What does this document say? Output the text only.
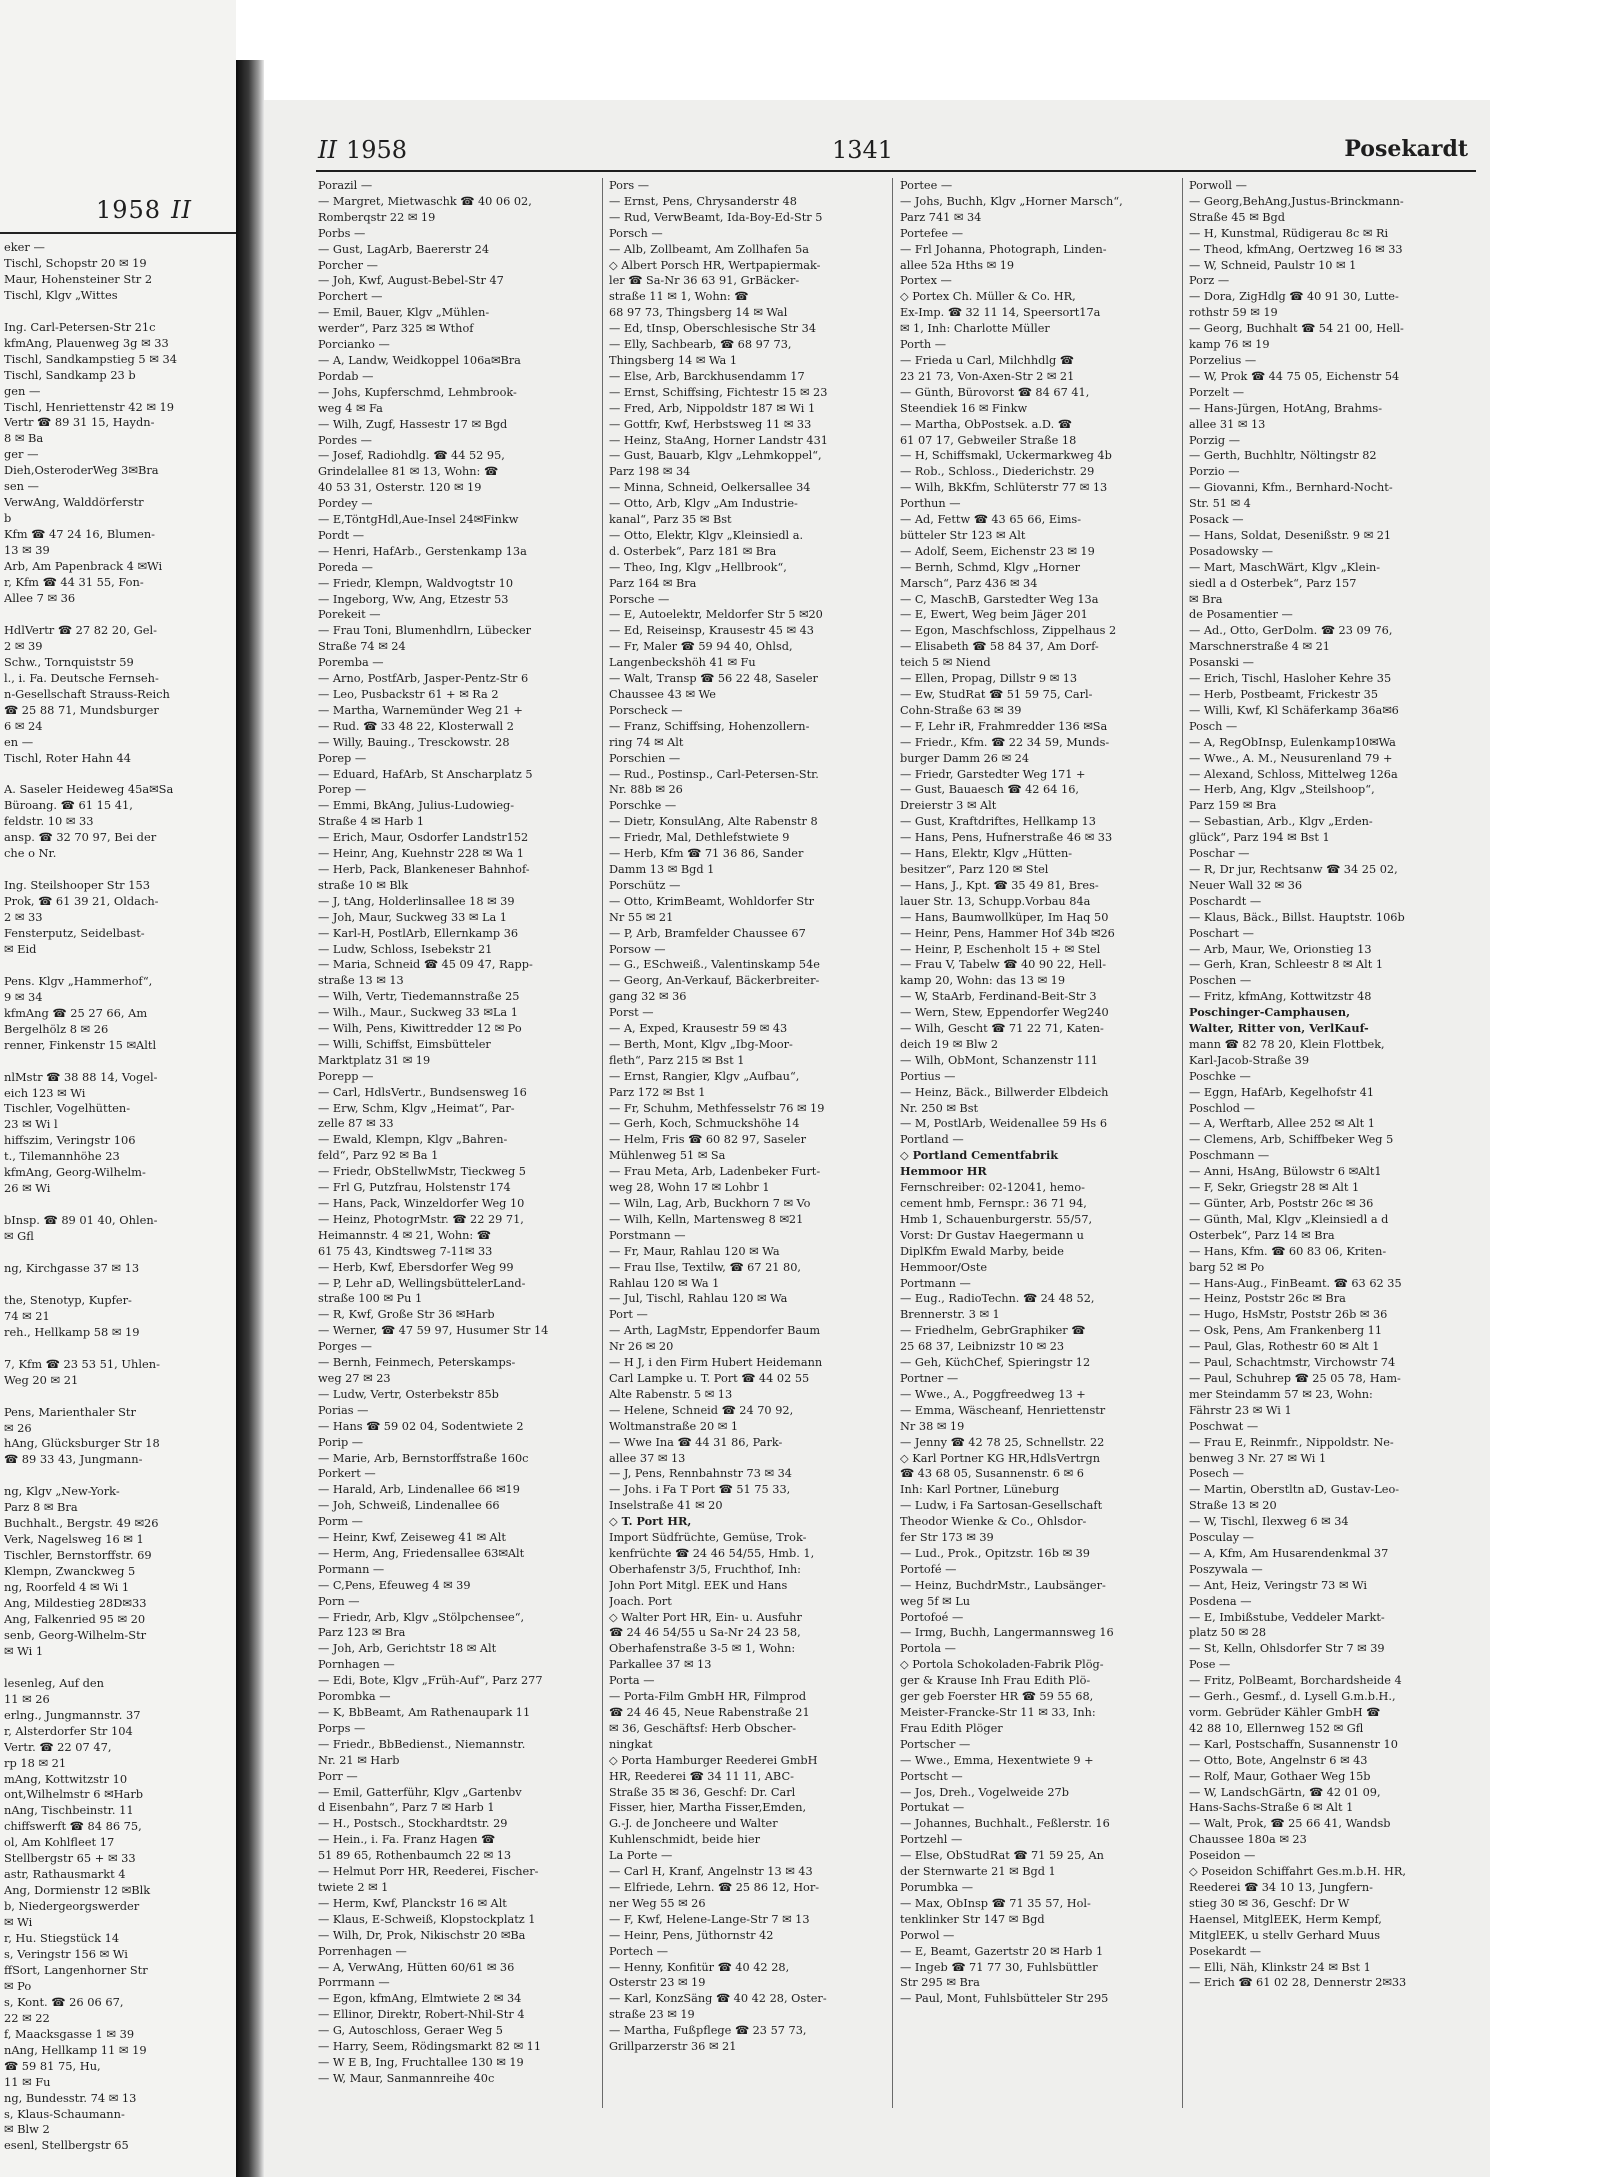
1958 II
eker —
Tischl, Schopstr 20 ✉ 19
Maur, Hohensteiner Str 2
Tischl, Klgv „Wittes

Ing. Carl-Petersen-Str 21c
kfmAng, Plauenweg 3g ✉ 33
Tischl, Sandkampstieg 5 ✉ 34
Tischl, Sandkamp 23 b
gen —
Tischl, Henriettenstr 42 ✉ 19
Vertr ☎ 89 31 15, Haydn-
8 ✉ Ba
ger —
Dieh,OsteroderWeg 3✉Bra
sen —
VerwAng, Walddörferstr
b
Kfm ☎ 47 24 16, Blumen-
13 ✉ 39
Arb, Am Papenbrack 4 ✉Wi
r, Kfm ☎ 44 31 55, Fon-
Allee 7 ✉ 36

HdlVertr ☎ 27 82 20, Gel-
2 ✉ 39
Schw., Tornquiststr 59
l., i. Fa. Deutsche Fernseh-
n-Gesellschaft Strauss-Reich
☎ 25 88 71, Mundsburger
6 ✉ 24
en —
Tischl, Roter Hahn 44

A. Saseler Heideweg 45a✉Sa
Büroang. ☎ 61 15 41,
feldstr. 10 ✉ 33
ansp. ☎ 32 70 97, Bei der
che o Nr.

Ing. Steilshooper Str 153
Prok, ☎ 61 39 21, Oldach-
2 ✉ 33
Fensterputz, Seidelbast-
✉ Eid

Pens. Klgv „Hammerhof“,
9 ✉ 34
kfmAng ☎ 25 27 66, Am
Bergelhölz 8 ✉ 26
renner, Finkenstr 15 ✉Altl

nlMstr ☎ 38 88 14, Vogel-
eich 123 ✉ Wi
Tischler, Vogelhütten-
23 ✉ Wi l
hiffszim, Veringstr 106
t., Tilemannhöhe 23
kfmAng, Georg-Wilhelm-
26 ✉ Wi

bInsp. ☎ 89 01 40, Ohlen-
✉ Gfl

ng, Kirchgasse 37 ✉ 13

the, Stenotyp, Kupfer-
74 ✉ 21
reh., Hellkamp 58 ✉ 19

7, Kfm ☎ 23 53 51, Uhlen-
Weg 20 ✉ 21

Pens, Marienthaler Str
✉ 26
hAng, Glücksburger Str 18
☎ 89 33 43, Jungmann-

ng, Klgv „New-York-
Parz 8 ✉ Bra
Buchhalt., Bergstr. 49 ✉26
Verk, Nagelsweg 16 ✉ 1
Tischler, Bernstorffstr. 69
Klempn, Zwanckweg 5
ng, Roorfeld 4 ✉ Wi 1
Ang, Mildestieg 28D✉33
Ang, Falkenried 95 ✉ 20
senb, Georg-Wilhelm-Str
✉ Wi 1

lesenleg, Auf den
11 ✉ 26
erlng., Jungmannstr. 37
r, Alsterdorfer Str 104
Vertr. ☎ 22 07 47,
rp 18 ✉ 21
mAng, Kottwitzstr 10
ont,Wilhelmstr 6 ✉Harb
nAng, Tischbeinstr. 11
chiffswerft ☎ 84 86 75,
ol, Am Kohlfleet 17
Stellbergstr 65 + ✉ 33
astr, Rathausmarkt 4
Ang, Dormienstr 12 ✉Blk
b, Niedergeorgswerder
✉ Wi
r, Hu. Stiegstück 14
s, Veringstr 156 ✉ Wi
ffSort, Langenhorner Str
✉ Po
s, Kont. ☎ 26 06 67,
22 ✉ 22
f, Maacksgasse 1 ✉ 39
nAng, Hellkamp 11 ✉ 19
☎ 59 81 75, Hu,
11 ✉ Fu
ng, Bundesstr. 74 ✉ 13
s, Klaus-Schaumann-
✉ Blw 2
esenl, Stellbergstr 65
II 1958	1341	Posekardt
Porazil —
— Margret, Mietwaschk ☎ 40 06 02,
Romberqstr 22 ✉ 19
Porbs —
— Gust, LagArb, Baererstr 24
Porcher —
— Joh, Kwf, August-Bebel-Str 47
Porchert —
— Emil, Bauer, Klgv „Mühlen-
werder“, Parz 325 ✉ Wthof
Porcianko —
— A, Landw, Weidkoppel 106a✉Bra
Pordab —
— Johs, Kupferschmd, Lehmbrook-
weg 4 ✉ Fa
— Wilh, Zugf, Hassestr 17 ✉ Bgd
Pordes —
— Josef, Radiohdlg. ☎ 44 52 95,
Grindelallee 81 ✉ 13, Wohn: ☎
40 53 31, Osterstr. 120 ✉ 19
Pordey —
— E,TöntgHdl,Aue-Insel 24✉Finkw
Pordt —
— Henri, HafArb., Gerstenkamp 13a
Poreda —
— Friedr, Klempn, Waldvogtstr 10
— Ingeborg, Ww, Ang, Etzestr 53
Porekeit —
— Frau Toni, Blumenhdlrn, Lübecker
Straße 74 ✉ 24
Poremba —
— Arno, PostfArb, Jasper-Pentz-Str 6
— Leo, Pusbackstr 61 + ✉ Ra 2
— Martha, Warnemünder Weg 21 +
— Rud. ☎ 33 48 22, Klosterwall 2
— Willy, Bauing., Tresckowstr. 28
Porep —
— Eduard, HafArb, St Anscharplatz 5
Porep —
— Emmi, BkAng, Julius-Ludowieg-
Straße 4 ✉ Harb 1
— Erich, Maur, Osdorfer Landstr152
— Heinr, Ang, Kuehnstr 228 ✉ Wa 1
— Herb, Pack, Blankeneser Bahnhof-
straße 10 ✉ Blk
— J, tAng, Holderlinsallee 18 ✉ 39
— Joh, Maur, Suckweg 33 ✉ La 1
— Karl-H, PostlArb, Ellernkamp 36
— Ludw, Schloss, Isebekstr 21
— Maria, Schneid ☎ 45 09 47, Rapp-
straße 13 ✉ 13
— Wilh, Vertr, Tiedemannstraße 25
— Wilh., Maur., Suckweg 33 ✉La 1
— Wilh, Pens, Kiwittredder 12 ✉ Po
— Willi, Schiffst, Eimsbütteler
Marktplatz 31 ✉ 19
Porepp —
— Carl, HdlsVertr., Bundsensweg 16
— Erw, Schm, Klgv „Heimat“, Par-
zelle 87 ✉ 33
— Ewald, Klempn, Klgv „Bahren-
feld“, Parz 92 ✉ Ba 1
— Friedr, ObStellwMstr, Tieckweg 5
— Frl G, Putzfrau, Holstenstr 174
— Hans, Pack, Winzeldorfer Weg 10
— Heinz, PhotogrMstr. ☎ 22 29 71,
Heimannstr. 4 ✉ 21, Wohn: ☎
61 75 43, Kindtsweg 7-11✉ 33
— Herb, Kwf, Ebersdorfer Weg 99
— P, Lehr aD, WellingsbüttelerLand-
straße 100 ✉ Pu 1
— R, Kwf, Große Str 36 ✉Harb
— Werner, ☎ 47 59 97, Husumer Str 14
Porges —
— Bernh, Feinmech, Peterskamps-
weg 27 ✉ 23
— Ludw, Vertr, Osterbekstr 85b
Porias —
— Hans ☎ 59 02 04, Sodentwiete 2
Porip —
— Marie, Arb, Bernstorffstraße 160c
Porkert —
— Harald, Arb, Lindenallee 66 ✉19
— Joh, Schweiß, Lindenallee 66
Porm —
— Heinr, Kwf, Zeiseweg 41 ✉ Alt
— Herm, Ang, Friedensallee 63✉Alt
Pormann —
— C,Pens, Efeuweg 4 ✉ 39
Porn —
— Friedr, Arb, Klgv „Stölpchensee“,
Parz 123 ✉ Bra
— Joh, Arb, Gerichtstr 18 ✉ Alt
Pornhagen —
— Edi, Bote, Klgv „Früh-Auf“, Parz 277
Porombka —
— K, BbBeamt, Am Rathenaupark 11
Porps —
— Friedr., BbBedienst., Niemannstr.
Nr. 21 ✉ Harb
Porr —
— Emil, Gatterführ, Klgv „Gartenbv
d Eisenbahn“, Parz 7 ✉ Harb 1
— H., Postsch., Stockhardtstr. 29
— Hein., i. Fa. Franz Hagen ☎
51 89 65, Rothenbaumch 22 ✉ 13
— Helmut Porr HR, Reederei, Fischer-
twiete 2 ✉ 1
— Herm, Kwf, Planckstr 16 ✉ Alt
— Klaus, E-Schweiß, Klopstockplatz 1
— Wilh, Dr, Prok, Nikischstr 20 ✉Ba
Porrenhagen —
— A, VerwAng, Hütten 60/61 ✉ 36
Porrmann —
— Egon, kfmAng, Elmtwiete 2 ✉ 34
— Ellinor, Direktr, Robert-Nhil-Str 4
— G, Autoschloss, Geraer Weg 5
— Harry, Seem, Rödingsmarkt 82 ✉ 11
— W E B, Ing, Fruchtallee 130 ✉ 19
— W, Maur, Sanmannreihe 40c
Pors —
— Ernst, Pens, Chrysanderstr 48
— Rud, VerwBeamt, Ida-Boy-Ed-Str 5
Porsch —
— Alb, Zollbeamt, Am Zollhafen 5a
◇ Albert Porsch HR, Wertpapiermak-
ler ☎ Sa-Nr 36 63 91, GrBäcker-
straße 11 ✉ 1, Wohn: ☎
68 97 73, Thingsberg 14 ✉ Wal
— Ed, tInsp, Oberschlesische Str 34
— Elly, Sachbearb, ☎ 68 97 73,
Thingsberg 14 ✉ Wa 1
— Else, Arb, Barckhusendamm 17
— Ernst, Schiffsing, Fichtestr 15 ✉ 23
— Fred, Arb, Nippoldstr 187 ✉ Wi 1
— Gottfr, Kwf, Herbstsweg 11 ✉ 33
— Heinz, StaAng, Horner Landstr 431
— Gust, Bauarb, Klgv „Lehmkoppel“,
Parz 198 ✉ 34
— Minna, Schneid, Oelkersallee 34
— Otto, Arb, Klgv „Am Industrie-
kanal“, Parz 35 ✉ Bst
— Otto, Elektr, Klgv „Kleinsiedl a.
d. Osterbek“, Parz 181 ✉ Bra
— Theo, Ing, Klgv „Hellbrook“,
Parz 164 ✉ Bra
Porsche —
— E, Autoelektr, Meldorfer Str 5 ✉20
— Ed, Reiseinsp, Krausestr 45 ✉ 43
— Fr, Maler ☎ 59 94 40, Ohlsd,
Langenbeckshöh 41 ✉ Fu
— Walt, Transp ☎ 56 22 48, Saseler
Chaussee 43 ✉ We
Porscheck —
— Franz, Schiffsing, Hohenzollern-
ring 74 ✉ Alt
Porschien —
— Rud., Postinsp., Carl-Petersen-Str.
Nr. 88b ✉ 26
Porschke —
— Dietr, KonsulAng, Alte Rabenstr 8
— Friedr, Mal, Dethlefstwiete 9
— Herb, Kfm ☎ 71 36 86, Sander
Damm 13 ✉ Bgd 1
Porschütz —
— Otto, KrimBeamt, Wohldorfer Str
Nr 55 ✉ 21
— P, Arb, Bramfelder Chaussee 67
Porsow —
— G., ESchweiß., Valentinskamp 54e
— Georg, An-Verkauf, Bäckerbreiter-
gang 32 ✉ 36
Porst —
— A, Exped, Krausestr 59 ✉ 43
— Berth, Mont, Klgv „Ibg-Moor-
fleth“, Parz 215 ✉ Bst 1
— Ernst, Rangier, Klgv „Aufbau“,
Parz 172 ✉ Bst 1
— Fr, Schuhm, Methfesselstr 76 ✉ 19
— Gerh, Koch, Schmuckshöhe 14
— Helm, Fris ☎ 60 82 97, Saseler
Mühlenweg 51 ✉ Sa
— Frau Meta, Arb, Ladenbeker Furt-
weg 28, Wohn 17 ✉ Lohbr 1
— Wiln, Lag, Arb, Buckhorn 7 ✉ Vo
— Wilh, Kelln, Martensweg 8 ✉21
Porstmann —
— Fr, Maur, Rahlau 120 ✉ Wa
— Frau Ilse, Textilw, ☎ 67 21 80,
Rahlau 120 ✉ Wa 1
— Jul, Tischl, Rahlau 120 ✉ Wa
Port —
— Arth, LagMstr, Eppendorfer Baum
Nr 26 ✉ 20
— H J, i den Firm Hubert Heidemann
Carl Lampke u. T. Port ☎ 44 02 55
Alte Rabenstr. 5 ✉ 13
— Helene, Schneid ☎ 24 70 92,
Woltmanstraße 20 ✉ 1
— Wwe Ina ☎ 44 31 86, Park-
allee 37 ✉ 13
— J, Pens, Rennbahnstr 73 ✉ 34
— Johs. i Fa T Port ☎ 51 75 33,
Inselstraße 41 ✉ 20
◇ T. Port HR,
Import Südfrüchte, Gemüse, Trok-
kenfrüchte ☎ 24 46 54/55, Hmb. 1,
Oberhafenstr 3/5, Fruchthof, Inh:
John Port Mitgl. EEK und Hans
Joach. Port
◇ Walter Port HR, Ein- u. Ausfuhr
☎ 24 46 54/55 u Sa-Nr 24 23 58,
Oberhafenstraße 3-5 ✉ 1, Wohn:
Parkallee 37 ✉ 13
Porta —
— Porta-Film GmbH HR, Filmprod
☎ 24 46 45, Neue Rabenstraße 21
✉ 36, Geschäftsf: Herb Obscher-
ningkat
◇ Porta Hamburger Reederei GmbH
HR, Reederei ☎ 34 11 11, ABC-
Straße 35 ✉ 36, Geschf: Dr. Carl
Fisser, hier, Martha Fisser,Emden,
G.-J. de Joncheere und Walter
Kuhlenschmidt, beide hier
La Porte —
— Carl H, Kranf, Angelnstr 13 ✉ 43
— Elfriede, Lehrn. ☎ 25 86 12, Hor-
ner Weg 55 ✉ 26
— F, Kwf, Helene-Lange-Str 7 ✉ 13
— Heinr, Pens, Jüthornstr 42
Portech —
— Henny, Konfitür ☎ 40 42 28,
Osterstr 23 ✉ 19
— Karl, KonzSäng ☎ 40 42 28, Oster-
straße 23 ✉ 19
— Martha, Fußpflege ☎ 23 57 73,
Grillparzerstr 36 ✉ 21
Portee —
— Johs, Buchh, Klgv „Horner Marsch“,
Parz 741 ✉ 34
Portefee —
— Frl Johanna, Photograph, Linden-
allee 52a Hths ✉ 19
Portex —
◇ Portex Ch. Müller & Co. HR,
Ex-Imp. ☎ 32 11 14, Speersort17a
✉ 1, Inh: Charlotte Müller
Porth —
— Frieda u Carl, Milchhdlg ☎
23 21 73, Von-Axen-Str 2 ✉ 21
— Günth, Bürovorst ☎ 84 67 41,
Steendiek 16 ✉ Finkw
— Martha, ObPostsek. a.D. ☎
61 07 17, Gebweiler Straße 18
— H, Schiffsmakl, Uckermarkweg 4b
— Rob., Schloss., Diederichstr. 29
— Wilh, BkKfm, Schlüterstr 77 ✉ 13
Porthun —
— Ad, Fettw ☎ 43 65 66, Eims-
bütteler Str 123 ✉ Alt
— Adolf, Seem, Eichenstr 23 ✉ 19
— Bernh, Schmd, Klgv „Horner
Marsch“, Parz 436 ✉ 34
— C, MaschB, Garstedter Weg 13a
— E, Ewert, Weg beim Jäger 201
— Egon, Maschfschloss, Zippelhaus 2
— Elisabeth ☎ 58 84 37, Am Dorf-
teich 5 ✉ Niend
— Ellen, Propag, Dillstr 9 ✉ 13
— Ew, StudRat ☎ 51 59 75, Carl-
Cohn-Straße 63 ✉ 39
— F, Lehr iR, Frahmredder 136 ✉Sa
— Friedr., Kfm. ☎ 22 34 59, Munds-
burger Damm 26 ✉ 24
— Friedr, Garstedter Weg 171 +
— Gust, Bauaesch ☎ 42 64 16,
Dreierstr 3 ✉ Alt
— Gust, Kraftdriftes, Hellkamp 13
— Hans, Pens, Hufnerstraße 46 ✉ 33
— Hans, Elektr, Klgv „Hütten-
besitzer“, Parz 120 ✉ Stel
— Hans, J., Kpt. ☎ 35 49 81, Bres-
lauer Str. 13, Schupp.Vorbau 84a
— Hans, Baumwollküper, Im Haq 50
— Heinr, Pens, Hammer Hof 34b ✉26
— Heinr, P, Eschenholt 15 + ✉ Stel
— Frau V, Tabelw ☎ 40 90 22, Hell-
kamp 20, Wohn: das 13 ✉ 19
— W, StaArb, Ferdinand-Beit-Str 3
— Wern, Stew, Eppendorfer Weg240
— Wilh, Gescht ☎ 71 22 71, Katen-
deich 19 ✉ Blw 2
— Wilh, ObMont, Schanzenstr 111
Portius —
— Heinz, Bäck., Billwerder Elbdeich
Nr. 250 ✉ Bst
— M, PostlArb, Weidenallee 59 Hs 6
Portland —
◇ Portland Cementfabrik
Hemmoor HR
Fernschreiber: 02-12041, hemo-
cement hmb, Fernspr.: 36 71 94,
Hmb 1, Schauenburgerstr. 55/57,
Vorst: Dr Gustav Haegermann u
DiplKfm Ewald Marby, beide
Hemmoor/Oste
Portmann —
— Eug., RadioTechn. ☎ 24 48 52,
Brennerstr. 3 ✉ 1
— Friedhelm, GebrGraphiker ☎
25 68 37, Leibnizstr 10 ✉ 23
— Geh, KüchChef, Spieringstr 12
Portner —
— Wwe., A., Poggfreedweg 13 +
— Emma, Wäscheanf, Henriettenstr
Nr 38 ✉ 19
— Jenny ☎ 42 78 25, Schnellstr. 22
◇ Karl Portner KG HR,HdlsVertrgn
☎ 43 68 05, Susannenstr. 6 ✉ 6
Inh: Karl Portner, Lüneburg
— Ludw, i Fa Sartosan-Gesellschaft
Theodor Wienke & Co., Ohlsdor-
fer Str 173 ✉ 39
— Lud., Prok., Opitzstr. 16b ✉ 39
Portofé —
— Heinz, BuchdrMstr., Laubsänger-
weg 5f ✉ Lu
Portofoé —
— Irmg, Buchh, Langermannsweg 16
Portola —
◇ Portola Schokoladen-Fabrik Plög-
ger & Krause Inh Frau Edith Plö-
ger geb Foerster HR ☎ 59 55 68,
Meister-Francke-Str 11 ✉ 33, Inh:
Frau Edith Plöger
Portscher —
— Wwe., Emma, Hexentwiete 9 +
Portscht —
— Jos, Dreh., Vogelweide 27b
Portukat —
— Johannes, Buchhalt., Feßlerstr. 16
Portzehl —
— Else, ObStudRat ☎ 71 59 25, An
der Sternwarte 21 ✉ Bgd 1
Porumbka —
— Max, ObInsp ☎ 71 35 57, Hol-
tenklinker Str 147 ✉ Bgd
Porwol —
— E, Beamt, Gazertstr 20 ✉ Harb 1
— Ingeb ☎ 71 77 30, Fuhlsbüttler
Str 295 ✉ Bra
— Paul, Mont, Fuhlsbütteler Str 295
Porwoll —
— Georg,BehAng,Justus-Brinckmann-
Straße 45 ✉ Bgd
— H, Kunstmal, Rüdigerau 8c ✉ Ri
— Theod, kfmAng, Oertzweg 16 ✉ 33
— W, Schneid, Paulstr 10 ✉ 1
Porz —
— Dora, ZigHdlg ☎ 40 91 30, Lutte-
rothstr 59 ✉ 19
— Georg, Buchhalt ☎ 54 21 00, Hell-
kamp 76 ✉ 19
Porzelius —
— W, Prok ☎ 44 75 05, Eichenstr 54
Porzelt —
— Hans-Jürgen, HotAng, Brahms-
allee 31 ✉ 13
Porzig —
— Gerth, Buchhltr, Nöltingstr 82
Porzio —
— Giovanni, Kfm., Bernhard-Nocht-
Str. 51 ✉ 4
Posack —
— Hans, Soldat, Desenißstr. 9 ✉ 21
Posadowsky —
— Mart, MaschWärt, Klgv „Klein-
siedl a d Osterbek“, Parz 157
✉ Bra
de Posamentier —
— Ad., Otto, GerDolm. ☎ 23 09 76,
Marschnerstraße 4 ✉ 21
Posanski —
— Erich, Tischl, Hasloher Kehre 35
— Herb, Postbeamt, Frickestr 35
— Willi, Kwf, Kl Schäferkamp 36a✉6
Posch —
— A, RegObInsp, Eulenkamp10✉Wa
— Wwe., A. M., Neusurenland 79 +
— Alexand, Schloss, Mittelweg 126a
— Herb, Ang, Klgv „Steilshoop“,
Parz 159 ✉ Bra
— Sebastian, Arb., Klgv „Erden-
glück“, Parz 194 ✉ Bst 1
Poschar —
— R, Dr jur, Rechtsanw ☎ 34 25 02,
Neuer Wall 32 ✉ 36
Poschardt —
— Klaus, Bäck., Billst. Hauptstr. 106b
Poschart —
— Arb, Maur, We, Orionstieg 13
— Gerh, Kran, Schleestr 8 ✉ Alt 1
Poschen —
— Fritz, kfmAng, Kottwitzstr 48
Poschinger-Camphausen,
Walter, Ritter von, VerlKauf-
mann ☎ 82 78 20, Klein Flottbek,
Karl-Jacob-Straße 39
Poschke —
— Eggn, HafArb, Kegelhofstr 41
Poschlod —
— A, Werftarb, Allee 252 ✉ Alt 1
— Clemens, Arb, Schiffbeker Weg 5
Poschmann —
— Anni, HsAng, Bülowstr 6 ✉Alt1
— F, Sekr, Griegstr 28 ✉ Alt 1
— Günter, Arb, Poststr 26c ✉ 36
— Günth, Mal, Klgv „Kleinsiedl a d
Osterbek“, Parz 14 ✉ Bra
— Hans, Kfm. ☎ 60 83 06, Kriten-
barg 52 ✉ Po
— Hans-Aug., FinBeamt. ☎ 63 62 35
— Heinz, Poststr 26c ✉ Bra
— Hugo, HsMstr, Poststr 26b ✉ 36
— Osk, Pens, Am Frankenberg 11
— Paul, Glas, Rothestr 60 ✉ Alt 1
— Paul, Schachtmstr, Virchowstr 74
— Paul, Schuhrep ☎ 25 05 78, Ham-
mer Steindamm 57 ✉ 23, Wohn:
Fährstr 23 ✉ Wi 1
Poschwat —
— Frau E, Reinmfr., Nippoldstr. Ne-
benweg 3 Nr. 27 ✉ Wi 1
Posech —
— Martin, Oberstltn aD, Gustav-Leo-
Straße 13 ✉ 20
— W, Tischl, Ilexweg 6 ✉ 34
Posculay —
— A, Kfm, Am Husarendenkmal 37
Poszywala —
— Ant, Heiz, Veringstr 73 ✉ Wi
Posdena —
— E, Imbißstube, Veddeler Markt-
platz 50 ✉ 28
— St, Kelln, Ohlsdorfer Str 7 ✉ 39
Pose —
— Fritz, PolBeamt, Borchardsheide 4
— Gerh., Gesmf., d. Lysell G.m.b.H.,
vorm. Gebrüder Kähler GmbH ☎
42 88 10, Ellernweg 152 ✉ Gfl
— Karl, Postschaffn, Susannenstr 10
— Otto, Bote, Angelnstr 6 ✉ 43
— Rolf, Maur, Gothaer Weg 15b
— W, LandschGärtn, ☎ 42 01 09,
Hans-Sachs-Straße 6 ✉ Alt 1
— Walt, Prok, ☎ 25 66 41, Wandsb
Chaussee 180a ✉ 23
Poseidon —
◇ Poseidon Schiffahrt Ges.m.b.H. HR,
Reederei ☎ 34 10 13, Jungfern-
stieg 30 ✉ 36, Geschf: Dr W
Haensel, MitglEEK, Herm Kempf,
MitglEEK, u stellv Gerhard Muus
Posekardt —
— Elli, Näh, Klinkstr 24 ✉ Bst 1
— Erich ☎ 61 02 28, Dennerstr 2✉33
